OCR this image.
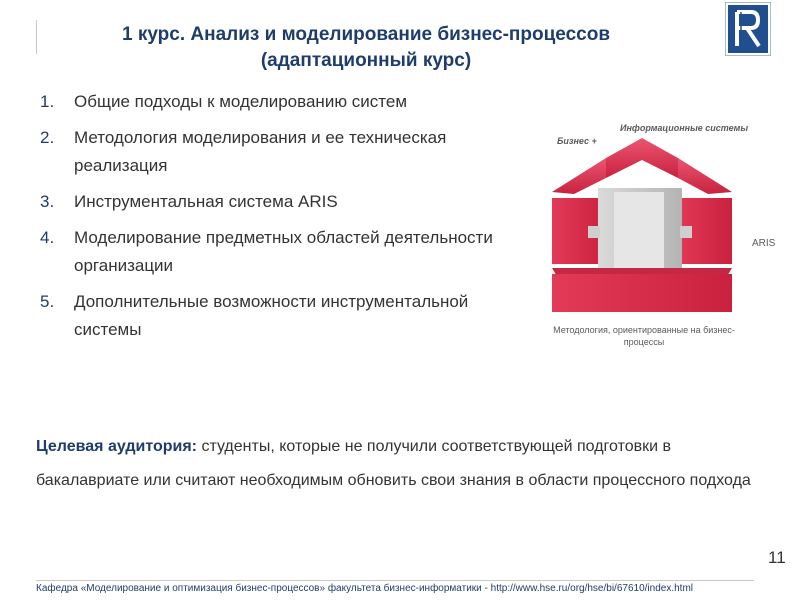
1 курс. Анализ и моделирование бизнес-процессов (адаптационный курс)
1.	Общие подходы к моделированию систем
2.	Методология моделирования и ее техническая реализация
3.	Инструментальная система ARIS
4.	Моделирование предметных областей деятельности организации
5.	Дополнительные возможности инструментальной системы
Бизнес +
Информационные системы
ARIS
Методология, ориентированные на бизнес-процессы
Целевая аудитория: студенты, которые не получили соответствующей подготовки в бакалавриате или считают необходимым обновить свои знания в области процессного подхода
11
Кафедра «Моделирование и оптимизация бизнес-процессов» факультета бизнес-информатики - http://www.hse.ru/org/hse/bi/67610/index.html
